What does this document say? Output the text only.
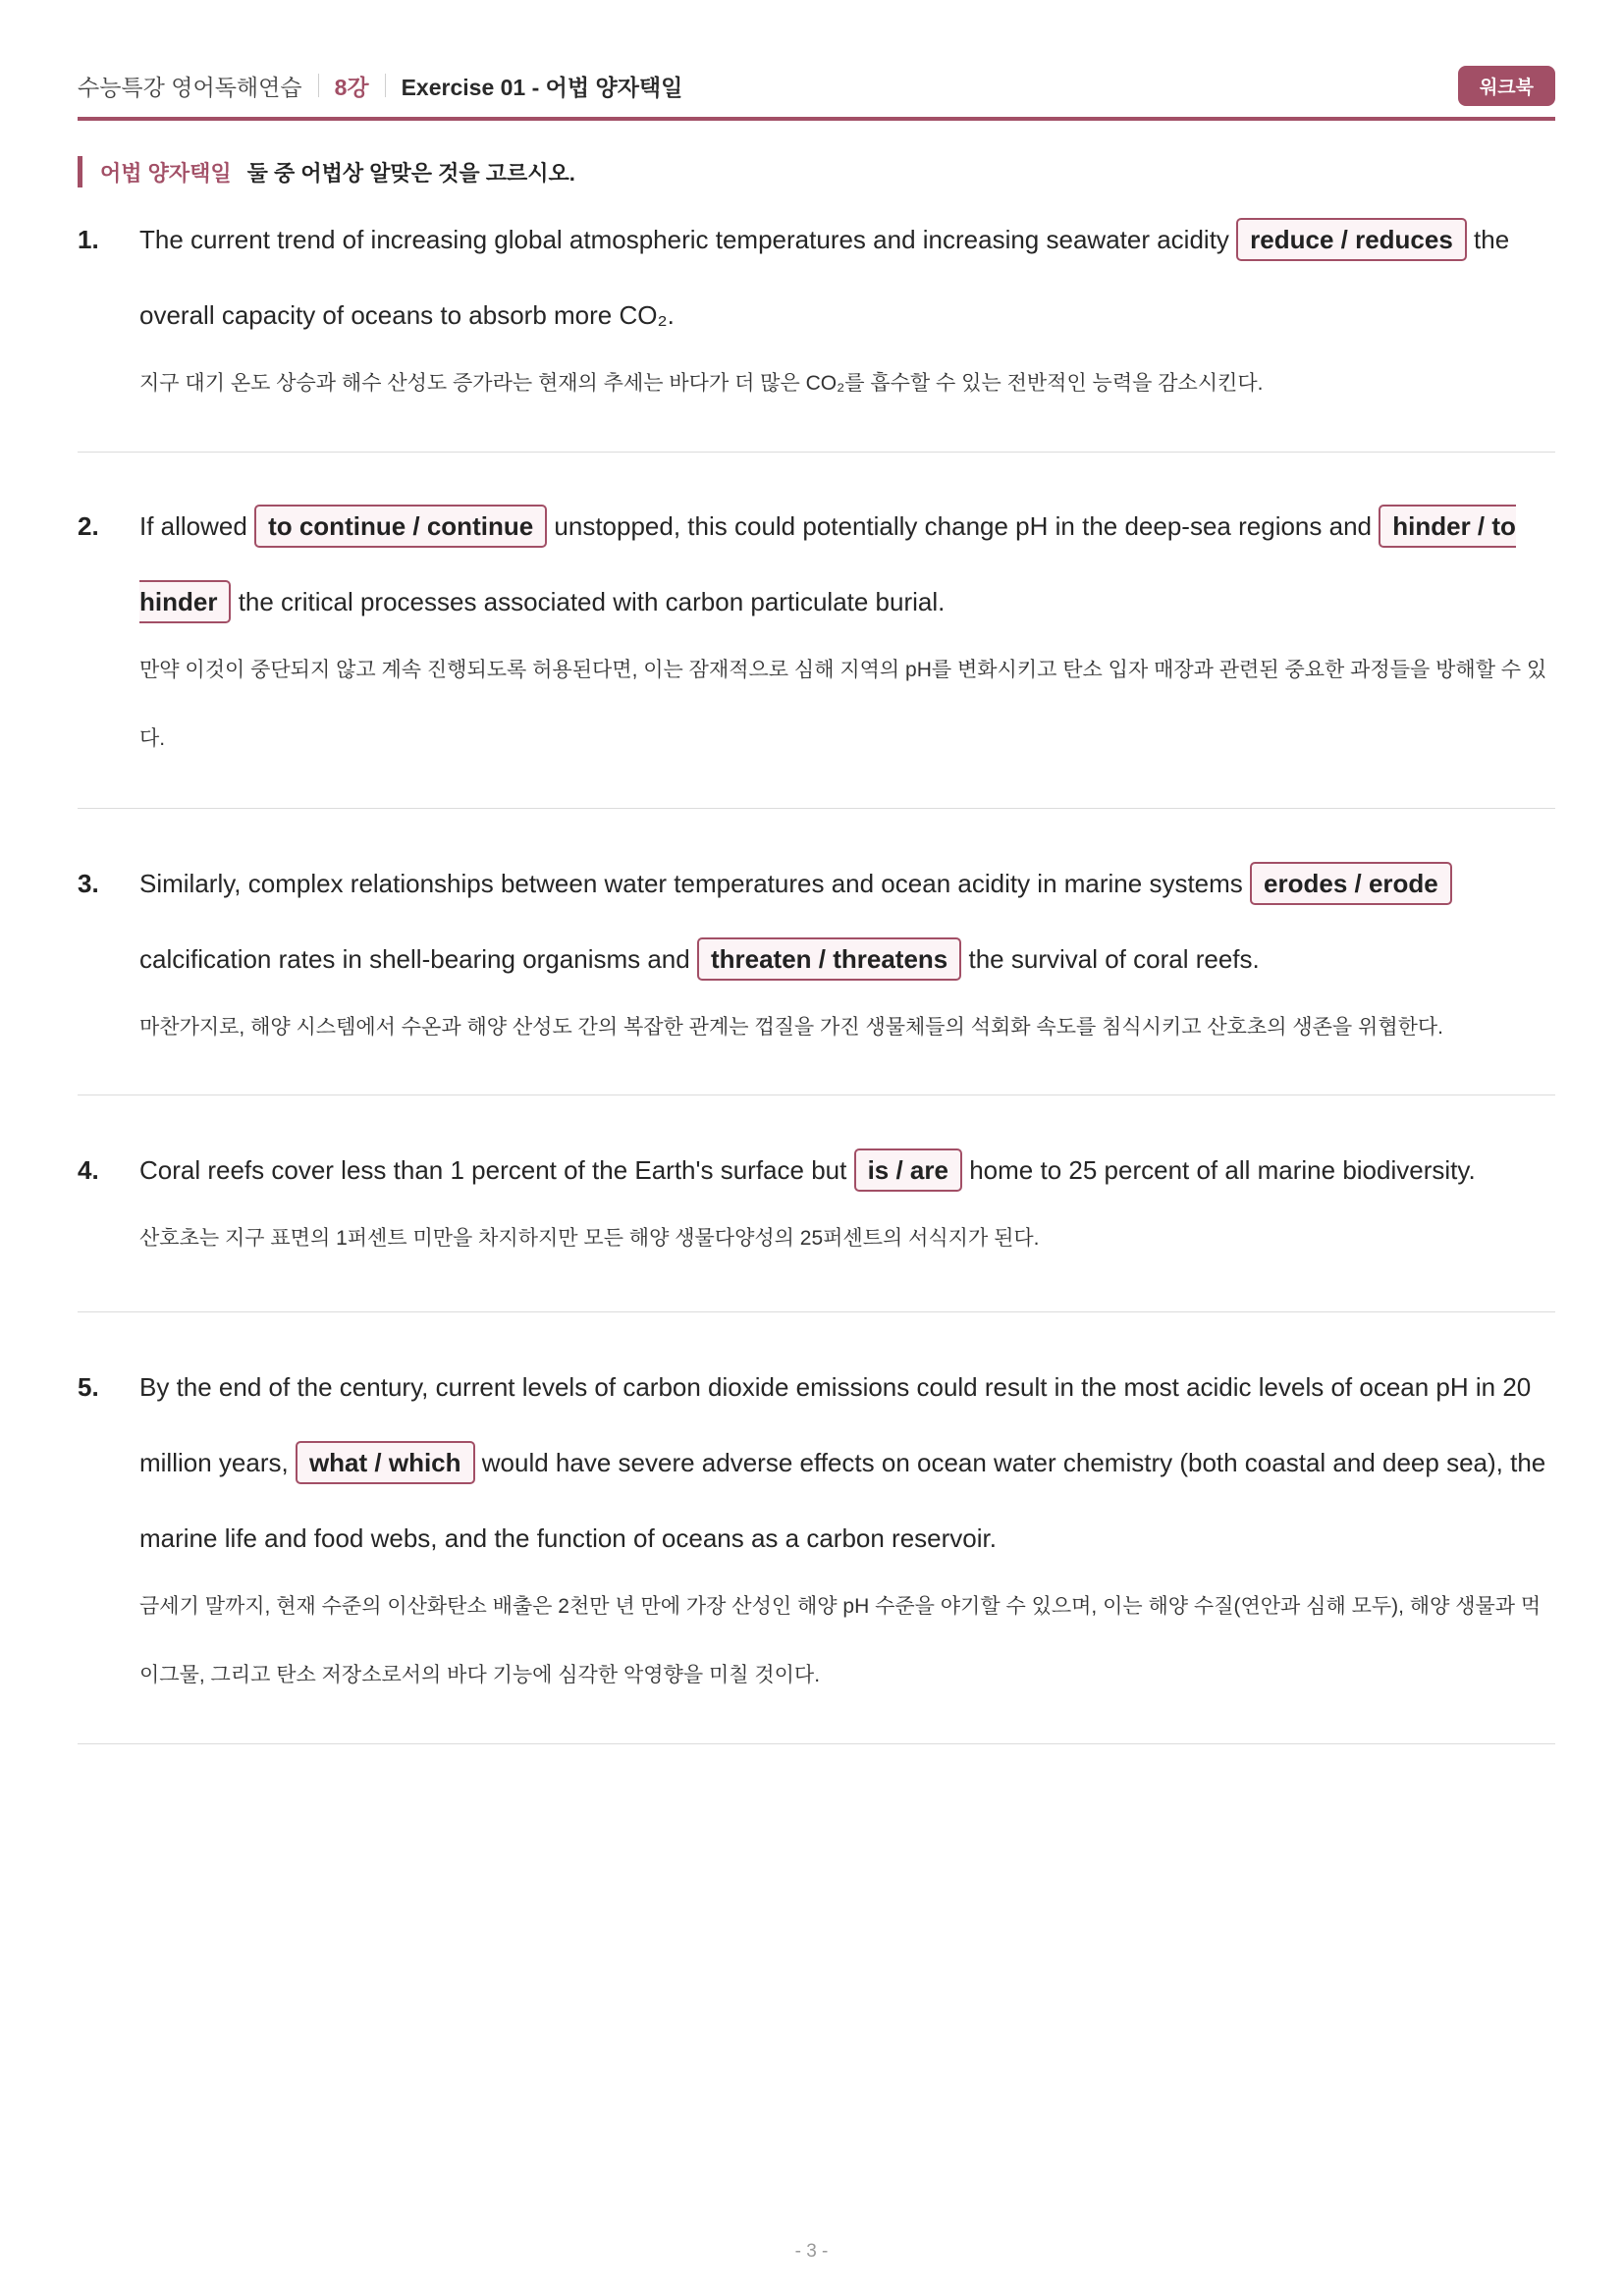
수능특강 영어독해연습 8강 Exercise 01 - 어법 양자택일	워크북
어법 양자택일 둘 중 어법상 알맞은 것을 고르시오.
1. The current trend of increasing global atmospheric temperatures and increasing seawater acidity reduce / reduces the overall capacity of oceans to absorb more CO₂.

지구 대기 온도 상승과 해수 산성도 증가라는 현재의 추세는 바다가 더 많은 CO₂를 흡수할 수 있는 전반적인 능력을 감소시킨다.

2. If allowed to continue / continue unstopped, this could potentially change pH in the deep-sea regions and hinder / to
hinder the critical processes associated with carbon particulate burial.

만약 이것이 중단되지 않고 계속 진행되도록 허용된다면, 이는 잠재적으로 심해 지역의 pH를 변화시키고 탄소 입자 매장과 관련된 중요한 과정들을 방해할 수 있다.

3. Similarly, complex relationships between water temperatures and ocean acidity in marine systems erodes / erode calcification rates in shell-bearing organisms and threaten / threatens the survival of coral reefs.

마찬가지로, 해양 시스템에서 수온과 해양 산성도 간의 복잡한 관계는 껍질을 가진 생물체들의 석회화 속도를 침식시키고 산호초의 생존을 위협한다.

4. Coral reefs cover less than 1 percent of the Earth's surface but is / are home to 25 percent of all marine biodiversity.

산호초는 지구 표면의 1퍼센트 미만을 차지하지만 모든 해양 생물다양성의 25퍼센트의 서식지가 된다.

5. By the end of the century, current levels of carbon dioxide emissions could result in the most acidic levels of ocean pH in 20 million years, what / which would have severe adverse effects on ocean water chemistry (both coastal and deep sea), the marine life and food webs, and the function of oceans as a carbon reservoir.

금세기 말까지, 현재 수준의 이산화탄소 배출은 2천만 년 만에 가장 산성인 해양 pH 수준을 야기할 수 있으며, 이는 해양 수질(연안과 심해 모두), 해양 생물과 먹이그물, 그리고 탄소 저장소로서의 바다 기능에 심각한 악영향을 미칠 것이다.

- 3 -
